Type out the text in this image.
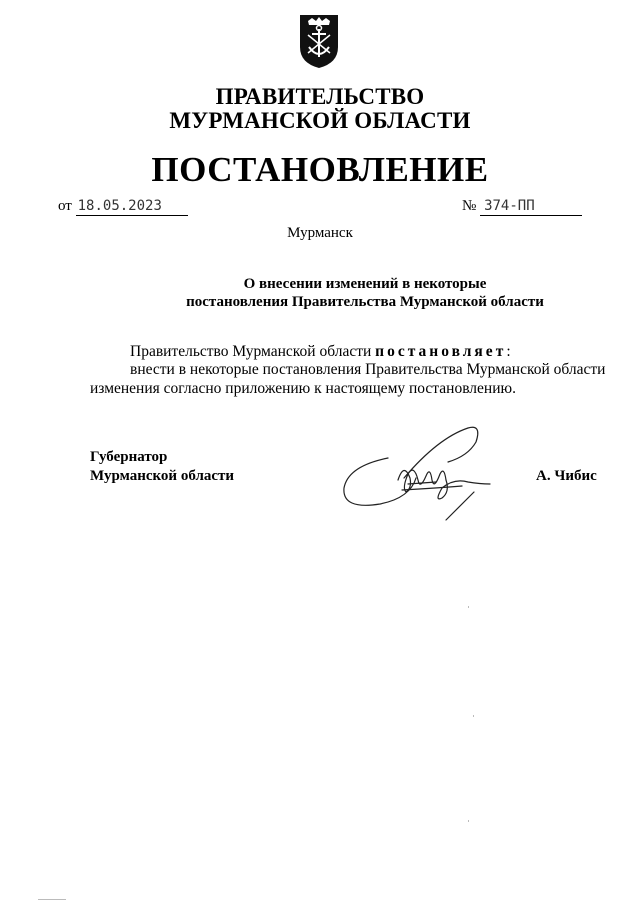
ПРАВИТЕЛЬСТВО
МУРМАНСКОЙ ОБЛАСТИ
ПОСТАНОВЛЕНИЕ
от 18.05.2023	№ 374-ПП
Мурманск
О внесении изменений в некоторые
постановления Правительства Мурманской области
Правительство Мурманской области постановляет:
внести в некоторые постановления Правительства Мурманской области
изменения согласно приложению к настоящему постановлению.
Губернатор
Мурманской области	А. Чибис
